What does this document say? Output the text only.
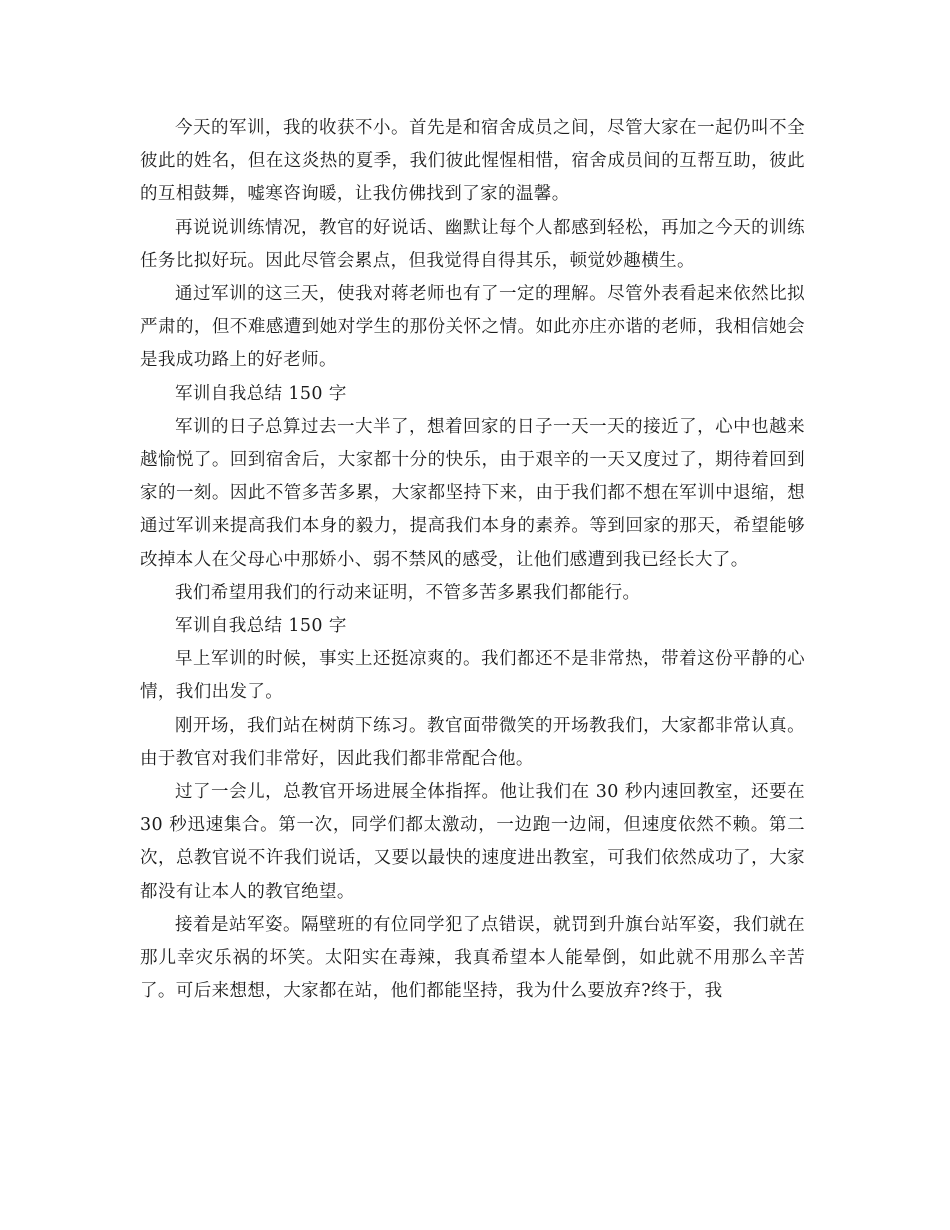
今天的军训，我的收获不小。首先是和宿舍成员之间，尽管大家在一起仍叫不全彼此的姓名，但在这炎热的夏季，我们彼此惺惺相惜，宿舍成员间的互帮互助，彼此的互相鼓舞，嘘寒咨询暖，让我仿佛找到了家的温馨。

再说说训练情况，教官的好说话、幽默让每个人都感到轻松，再加之今天的训练任务比拟好玩。因此尽管会累点，但我觉得自得其乐，顿觉妙趣横生。

通过军训的这三天，使我对蒋老师也有了一定的理解。尽管外表看起来依然比拟严肃的，但不难感遭到她对学生的那份关怀之情。如此亦庄亦谐的老师，我相信她会是我成功路上的好老师。

军训自我总结 150 字

军训的日子总算过去一大半了，想着回家的日子一天一天的接近了，心中也越来越愉悦了。回到宿舍后，大家都十分的快乐，由于艰辛的一天又度过了，期待着回到家的一刻。因此不管多苦多累，大家都坚持下来，由于我们都不想在军训中退缩，想通过军训来提高我们本身的毅力，提高我们本身的素养。等到回家的那天，希望能够改掉本人在父母心中那娇小、弱不禁风的感受，让他们感遭到我已经长大了。

我们希望用我们的行动来证明，不管多苦多累我们都能行。

军训自我总结 150 字

早上军训的时候，事实上还挺凉爽的。我们都还不是非常热，带着这份平静的心情，我们出发了。

刚开场，我们站在树荫下练习。教官面带微笑的开场教我们，大家都非常认真。由于教官对我们非常好，因此我们都非常配合他。

过了一会儿，总教官开场进展全体指挥。他让我们在 30 秒内速回教室，还要在 30 秒迅速集合。第一次，同学们都太激动，一边跑一边闹，但速度依然不赖。第二次，总教官说不许我们说话，又要以最快的速度进出教室，可我们依然成功了，大家都没有让本人的教官绝望。

接着是站军姿。隔壁班的有位同学犯了点错误，就罚到升旗台站军姿，我们就在那儿幸灾乐祸的坏笑。太阳实在毒辣，我真希望本人能晕倒，如此就不用那么辛苦了。可后来想想，大家都在站，他们都能坚持，我为什么要放弃?终于，我
